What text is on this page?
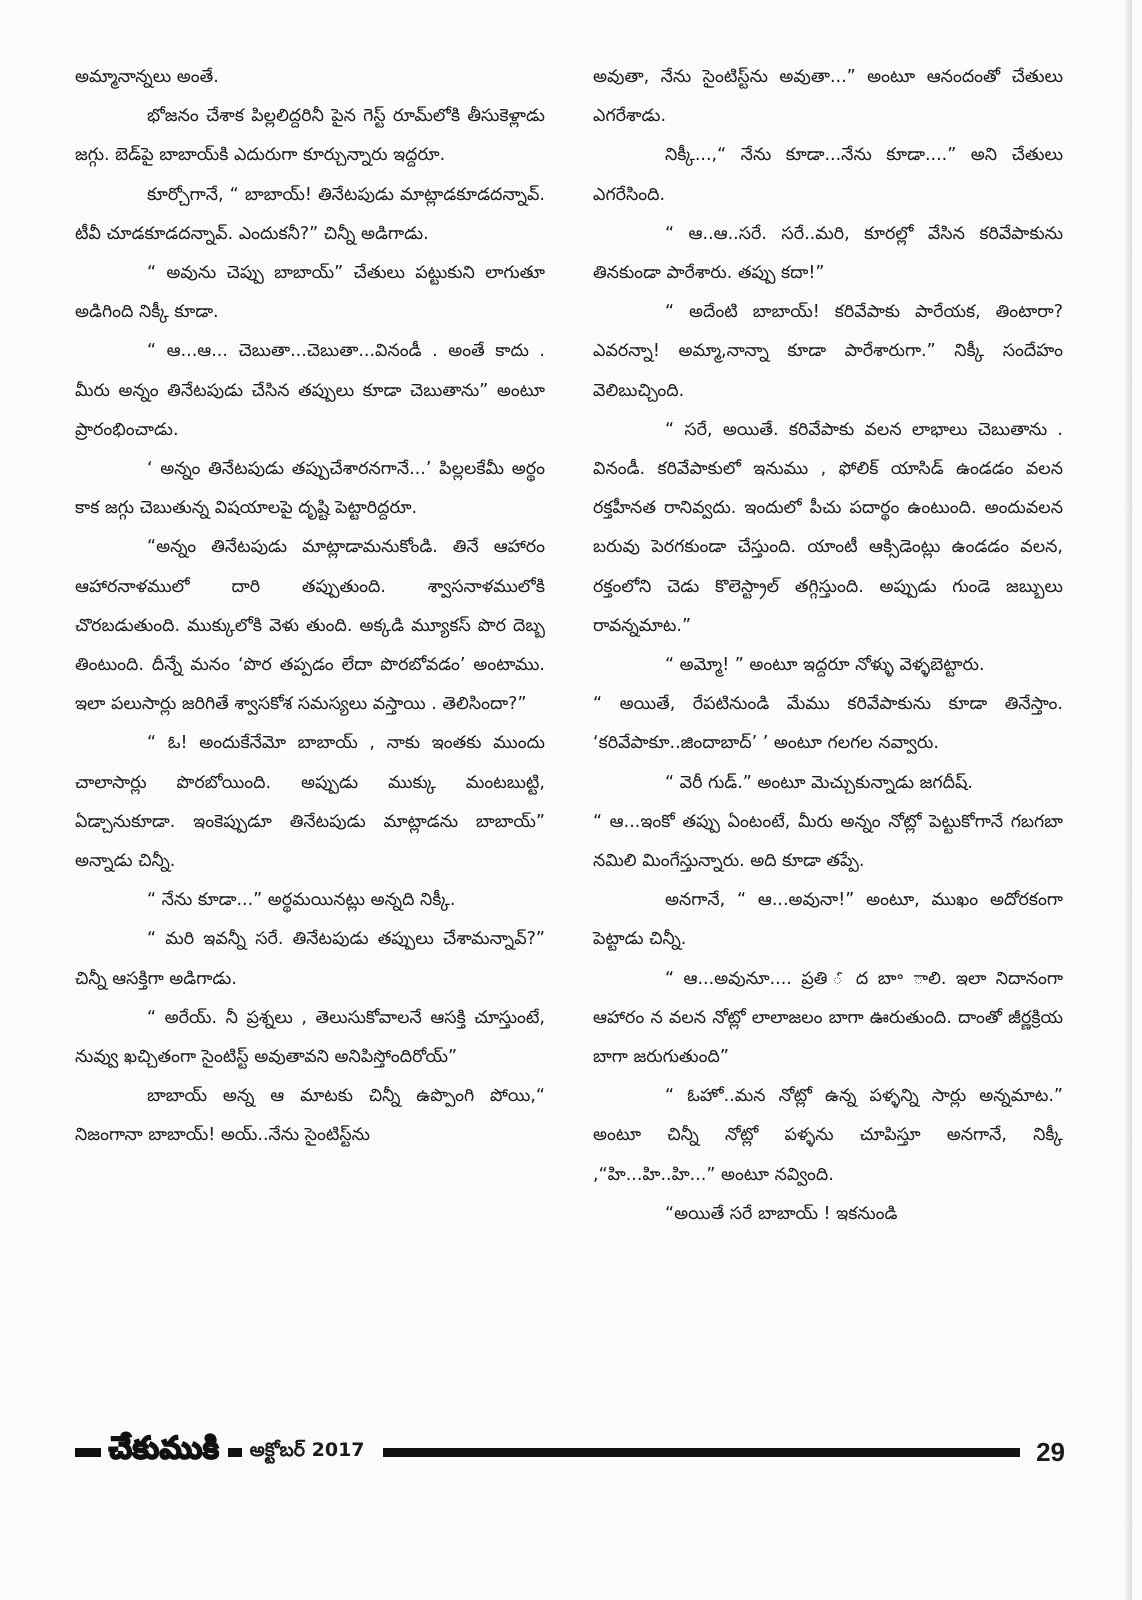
అమ్మానాన్నలు అంతే.

భోజనం చేశాక పిల్లలిద్దరినీ పైన గెస్ట్ రూమ్‌లోకి తీసుకెళ్లాడు జగ్గు. బెడ్‌పై బాబాయ్‌కి ఎదురుగా కూర్చున్నారు ఇద్దరూ.

కూర్చోగానే, “ బాబాయ్! తినేటపుడు మాట్లాడకూడదన్నావ్. టీవీ చూడకూడదన్నావ్. ఎందుకనీ?” చిన్నీ అడిగాడు.

“ అవును చెప్పు బాబాయ్” చేతులు పట్టుకుని లాగుతూ అడిగింది నిక్కీ కూడా.

“ ఆ...ఆ... చెబుతా...చెబుతా...వినండీ . అంతే కాదు . మీరు అన్నం తినేటపుడు చేసిన తప్పులు కూడా చెబుతాను” అంటూ ప్రారంభించాడు.

‘ అన్నం తినేటపుడు తప్పుచేశారనగానే...’ పిల్లలకేమీ అర్థం కాక జగ్గు చెబుతున్న విషయాలపై దృష్టి పెట్టారిద్దరూ.

“అన్నం తినేటపుడు మాట్లాడామనుకోండి. తినే ఆహారం ఆహారనాళములో దారి తప్పుతుంది. శ్వాసనాళములోకి చొరబడుతుంది. ముక్కులోకి వెళు తుంది. అక్కడి మ్యూకస్ పొర దెబ్బ తింటుంది. దీన్నే మనం ‘పొర తప్పడం లేదా పొరబోవడం’ అంటాము. ఇలా పలుసార్లు జరిగితే శ్వాసకోశ సమస్యలు వస్తాయి . తెలిసిందా?”

“ ఓ! అందుకేనేమో బాబాయ్ , నాకు ఇంతకు ముందు చాలాసార్లు పొరబోయింది. అప్పుడు ముక్కు మంటబుట్టి, ఏడ్చానుకూడా. ఇంకెప్పుడూ తినేటపుడు మాట్లాడను బాబాయ్” అన్నాడు చిన్నీ.

“ నేను కూడా...” అర్థమయినట్లు అన్నది నిక్కీ.

“ మరి ఇవన్నీ సరే. తినేటపుడు తప్పులు చేశామన్నావ్?” చిన్నీ ఆసక్తిగా అడిగాడు.

“ అరేయ్. నీ ప్రశ్నలు , తెలుసుకోవాలనే ఆసక్తి చూస్తుంటే, నువ్వు ఖచ్చితంగా సైంటిస్ట్ అవుతావని అనిపిస్తోందిరోయ్”

బాబాయ్ అన్న ఆ మాటకు చిన్నీ ఉప్పొంగి పోయి,“ నిజంగానా బాబాయ్! అయ్..నేను సైంటిస్ట్‌ను

అవుతా, నేను సైంటిస్ట్‌ను అవుతా...” అంటూ ఆనందంతో చేతులు ఎగరేశాడు.

నిక్కీ...,“ నేను కూడా...నేను కూడా....” అని చేతులు ఎగరేసింది.

“ ఆ..ఆ..సరే. సరే..మరి, కూరల్లో వేసిన కరివేపాకును తినకుండా పారేశారు. తప్పు కదా!”

“ అదేంటి బాబాయ్! కరివేపాకు పారేయక, తింటారా? ఎవరన్నా! అమ్మా,నాన్నా కూడా పారేశారుగా.” నిక్కీ సందేహం వెలిబుచ్చింది.

“ సరే, అయితే. కరివేపాకు వలన లాభాలు చెబుతాను . వినండీ. కరివేపాకులో ఇనుము , ఫోలిక్ యాసిడ్ ఉండడం వలన రక్తహీనత రానివ్వదు. ఇందులో పీచు పదార్థం ఉంటుంది. అందువలన బరువు పెరగకుండా చేస్తుంది. యాంటీ ఆక్సిడెంట్లు ఉండడం వలన, రక్తంలోని చెడు కొలెస్ట్రాల్ తగ్గిస్తుంది. అప్పుడు గుండె జబ్బులు రావన్నమాట.”

“ అమ్మో! ” అంటూ ఇద్దరూ నోళ్ళు వెళ్ళబెట్టారు.

“ అయితే, రేపటినుండి మేము కరివేపాకును కూడా తినేస్తాం. ‘కరివేపాకూ..జిందాబాద్’ ’ అంటూ గలగల నవ్వారు.

“ వెరీ గుడ్.” అంటూ మెచ్చుకున్నాడు జగదీష్.

“ ఆ...ఇంకో తప్పు ఏంటంటే, మీరు అన్నం నోట్లో పెట్టుకోగానే గబగబా నమిలి మింగేస్తున్నారు. అది కూడా తప్పే.

అనగానే, “ ఆ...అవునా!” అంటూ, ముఖం అదోరకంగా పెట్టాడు చిన్నీ.

“ ఆ...అవునూ.... ప్రతి ౕ ద బా॰ ాలి. ఇలా నిదానంగా ఆహారం న వలన నోట్లో లాలాజలం బాగా ఊరుతుంది. దాంతో జీర్ణక్రియ బాగా జరుగుతుంది”

“ ఓహో..మన నోట్లో ఉన్న పళ్ళన్ని సార్లు అన్నమాట.” అంటూ చిన్నీ నోట్లో పళ్ళను చూపిస్తూ అనగానే, నిక్కీ ,“హి...హి..హి...” అంటూ నవ్వింది.

“అయితే సరే బాబాయ్ ! ఇకనుండి

చేకుముకి అక్టోబర్ 2017	29
